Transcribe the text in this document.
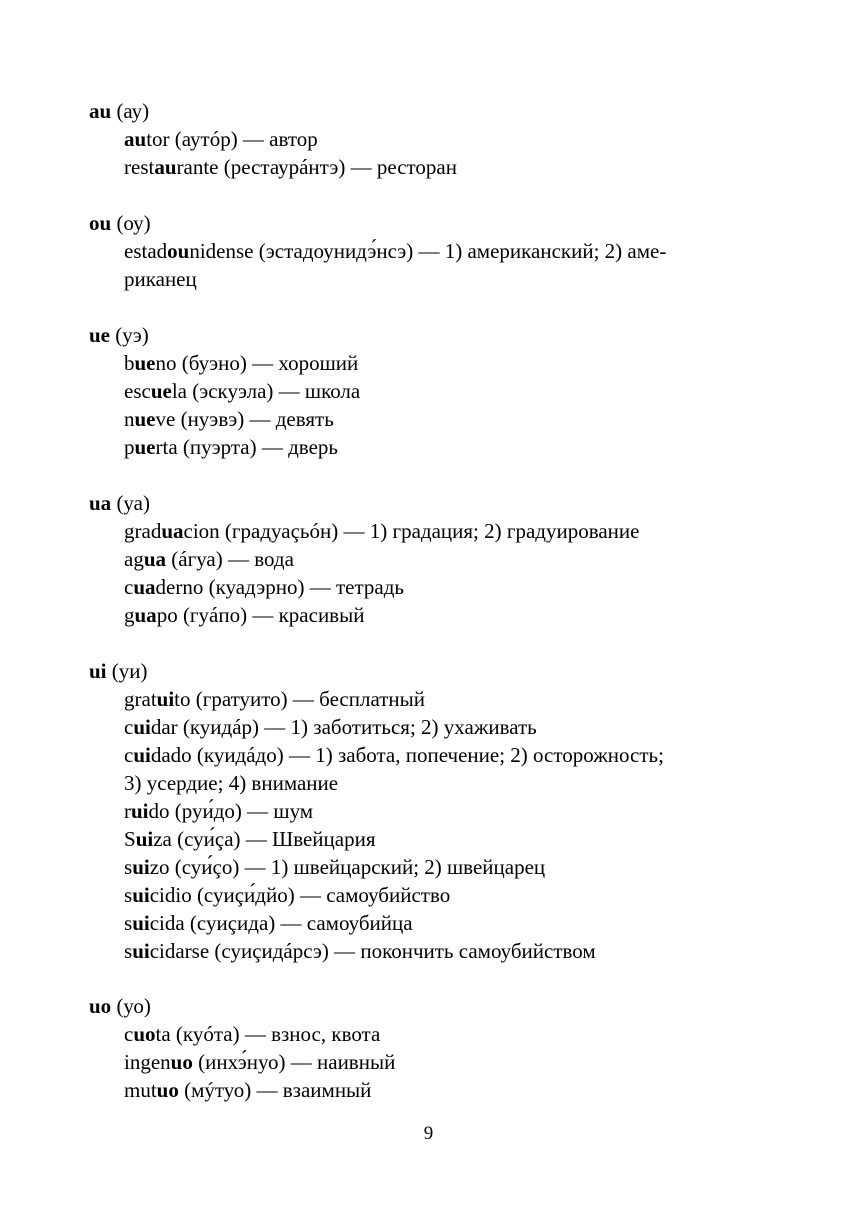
au (ау)
autor (аутóр) — автор
restaurante (рестаурáнтэ) — ресторан
ou (оу)
estadounidense (эстадоунидэ́нсэ) — 1) американский; 2) аме-
риканец
ue (уэ)
bueno (буэно) — хороший
escuela (эскуэла) — школа
nueve (нуэвэ) — девять
puerta (пуэрта) — дверь
ua (уа)
graduacion (градуаçьóн) — 1) градация; 2) градуирование
agua (áгуа) — вода
cuaderno (куадэрно) — тетрадь
guapo (гуáпо) — красивый
ui (уи)
gratuito (гратуито) — бесплатный
cuidar (куидáр) — 1) заботиться; 2) ухаживать
cuidado (куидáдо) — 1) забота, попечение; 2) осторожность;
3) усердие; 4) внимание
ruido (руи́до) — шум
Suiza (суи́çа) — Швейцария
suizo (суи́çо) — 1) швейцарский; 2) швейцарец
suicidio (суиçи́дйо) — самоубийство
suicida (суиçида) — самоубийца
suicidarse (суиçидáрсэ) — покончить самоубийством
uo (уо)
cuota (куóта) — взнос, квота
ingenuo (инхэ́нуо) — наивный
mutuo (мýтуо) — взаимный
9
